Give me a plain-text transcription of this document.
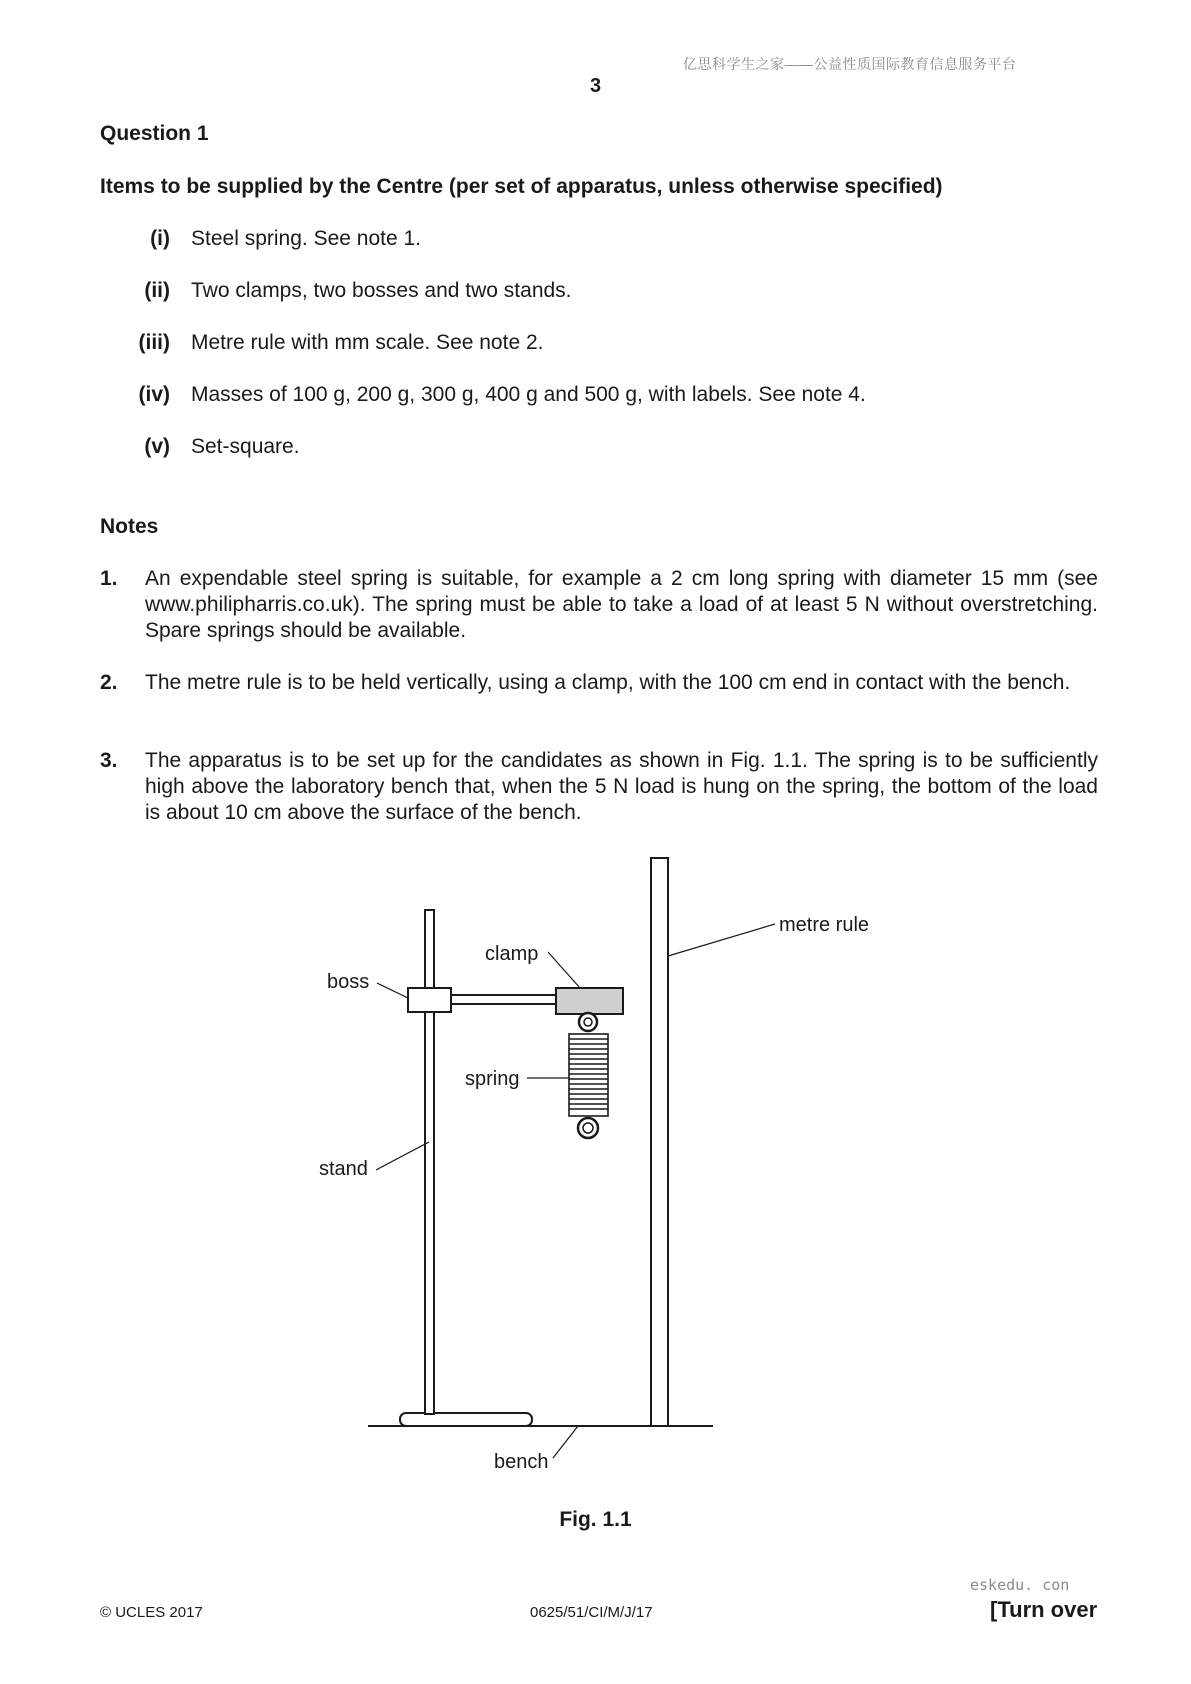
亿思科学生之家——公益性质国际教育信息服务平台
3
Question 1
Items to be supplied by the Centre (per set of apparatus, unless otherwise specified)
(i) Steel spring. See note 1.
(ii) Two clamps, two bosses and two stands.
(iii) Metre rule with mm scale. See note 2.
(iv) Masses of 100 g, 200 g, 300 g, 400 g and 500 g, with labels. See note 4.
(v) Set-square.
Notes
1. An expendable steel spring is suitable, for example a 2 cm long spring with diameter 15 mm (see www.philipharris.co.uk). The spring must be able to take a load of at least 5 N without overstretching. Spare springs should be available.
2. The metre rule is to be held vertically, using a clamp, with the 100 cm end in contact with the bench.
3. The apparatus is to be set up for the candidates as shown in Fig. 1.1. The spring is to be sufficiently high above the laboratory bench that, when the 5 N load is hung on the spring, the bottom of the load is about 10 cm above the surface of the bench.
metre rule
clamp
boss
spring
stand
bench
Fig. 1.1
eskedu. con
© UCLES 2017	0625/51/CI/M/J/17	[Turn over
